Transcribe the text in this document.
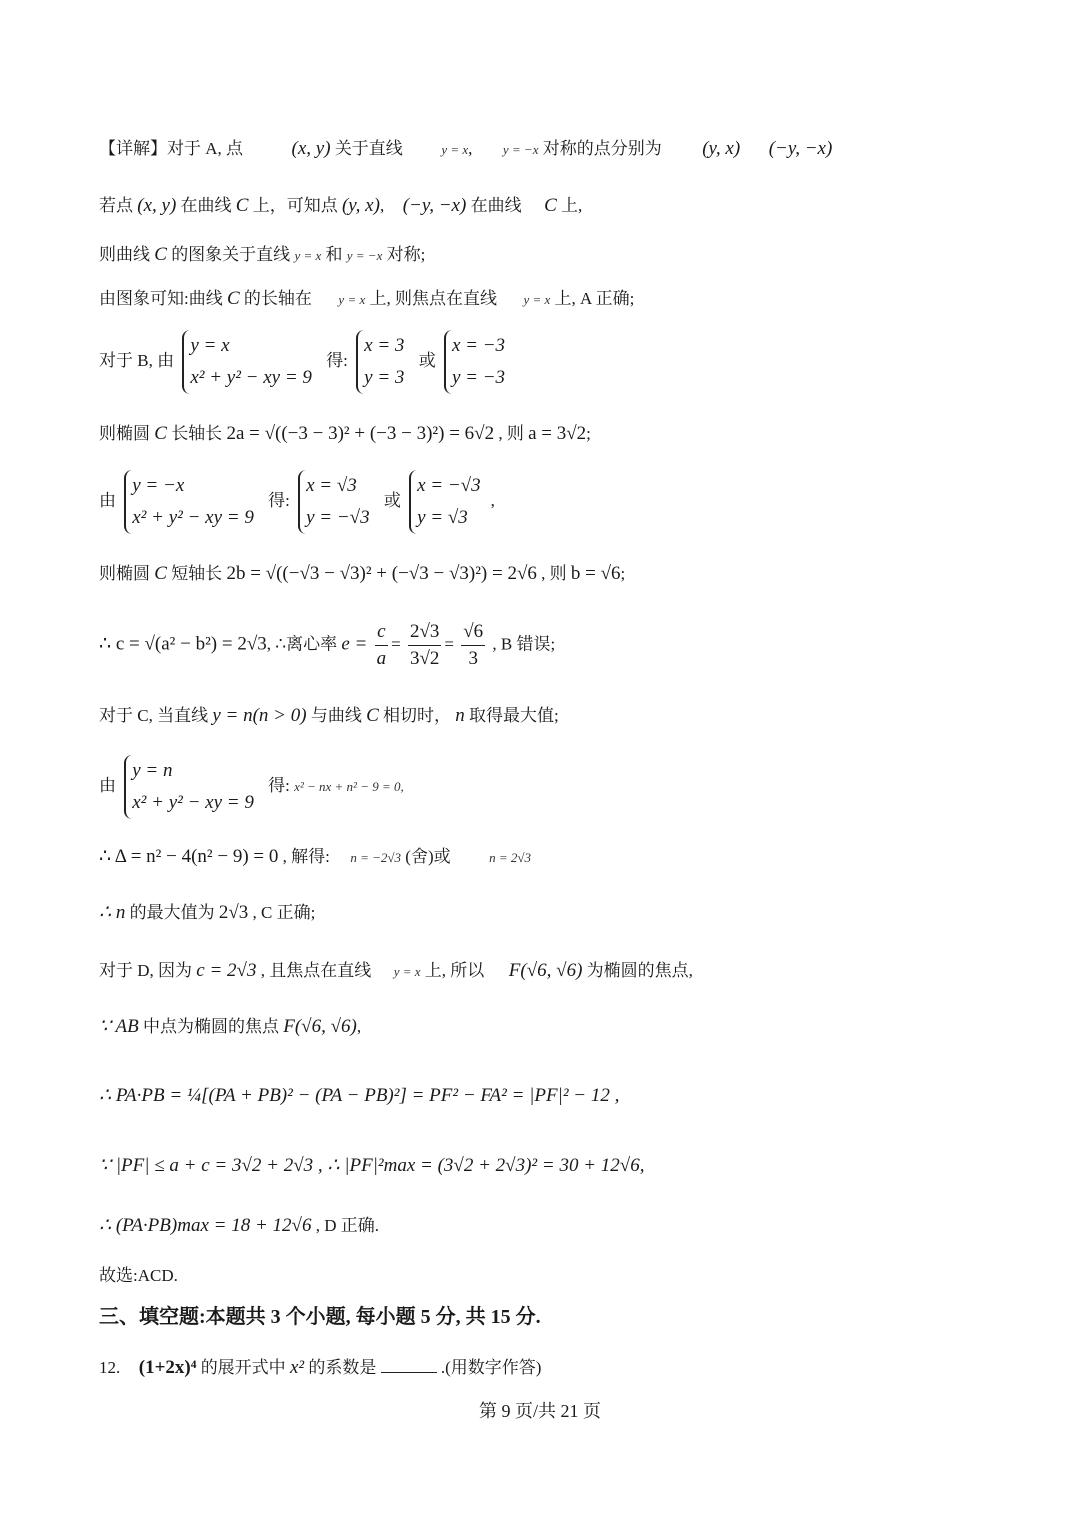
【详解】对于 A, 点	(x, y) 关于直线	y = x,  y = −x 对称的点分别为 (y, x) (−y, −x)
若点 (x, y) 在曲线 C 上，可知点 (y, x),  (−y, −x) 在曲线 C 上,
则曲线 C 的图象关于直线 y = x 和 y = −x 对称;
由图象可知:曲线 C 的长轴在 y = x 上, 则焦点在直线 y = x 上, A 正确;
对于 B, 由 y = x
x² + y² − xy = 9 得: x = 3
y = 3 或 x = −3
y = −3
则椭圆 C 长轴长 2a = √((−3 − 3)² + (−3 − 3)²) = 6√2 , 则 a = 3√2;
由 y = −x
x² + y² − xy = 9 得: x = √3
y = −√3 或 x = −√3
y = √3,
则椭圆 C 短轴长 2b = √((−√3 − √3)² + (−√3 − √3)²) = 2√6 , 则 b = √6;
∴ c = √(a² − b²) = 2√3, ∴离心率 $e = \frac{c}{a} = \frac{2√3}{3√2} = \frac{√6}{3}$ , B 错误;
对于 C, 当直线 y = n(n > 0) 与曲线 C 相切时， n 取得最大值;
由 y = n
x² + y² − xy = 9 得: x² − nx + n² − 9 = 0,
∴ Δ = n² − 4(n² − 9) = 0 , 解得: n = −2√3 (舍)或	n = 2√3
∴ n 的最大值为 2√3 , C 正确;
对于 D, 因为 c = 2√3 , 且焦点在直线 y = x 上, 所以 F(√6, √6) 为椭圆的焦点,
∵ AB 中点为椭圆的焦点 F(√6, √6),
∴ PA·PB = ¼[(PA + PB)² − (PA − PB)²] = PF² − FA² = |PF|² − 12 ,
∵ |PF| ≤ a + c = 3√2 + 2√3 , ∴ |PF|²max = (3√2 + 2√3)² = 30 + 12√6,
∴ (PA·PB)max = 18 + 12√6 , D 正确.
故选:ACD.
三、填空题:本题共 3 个小题, 每小题 5 分, 共 15 分.
12. (1+2x)⁴ 的展开式中 x² 的系数是	.(用数字作答)
第 9 页/共 21 页
